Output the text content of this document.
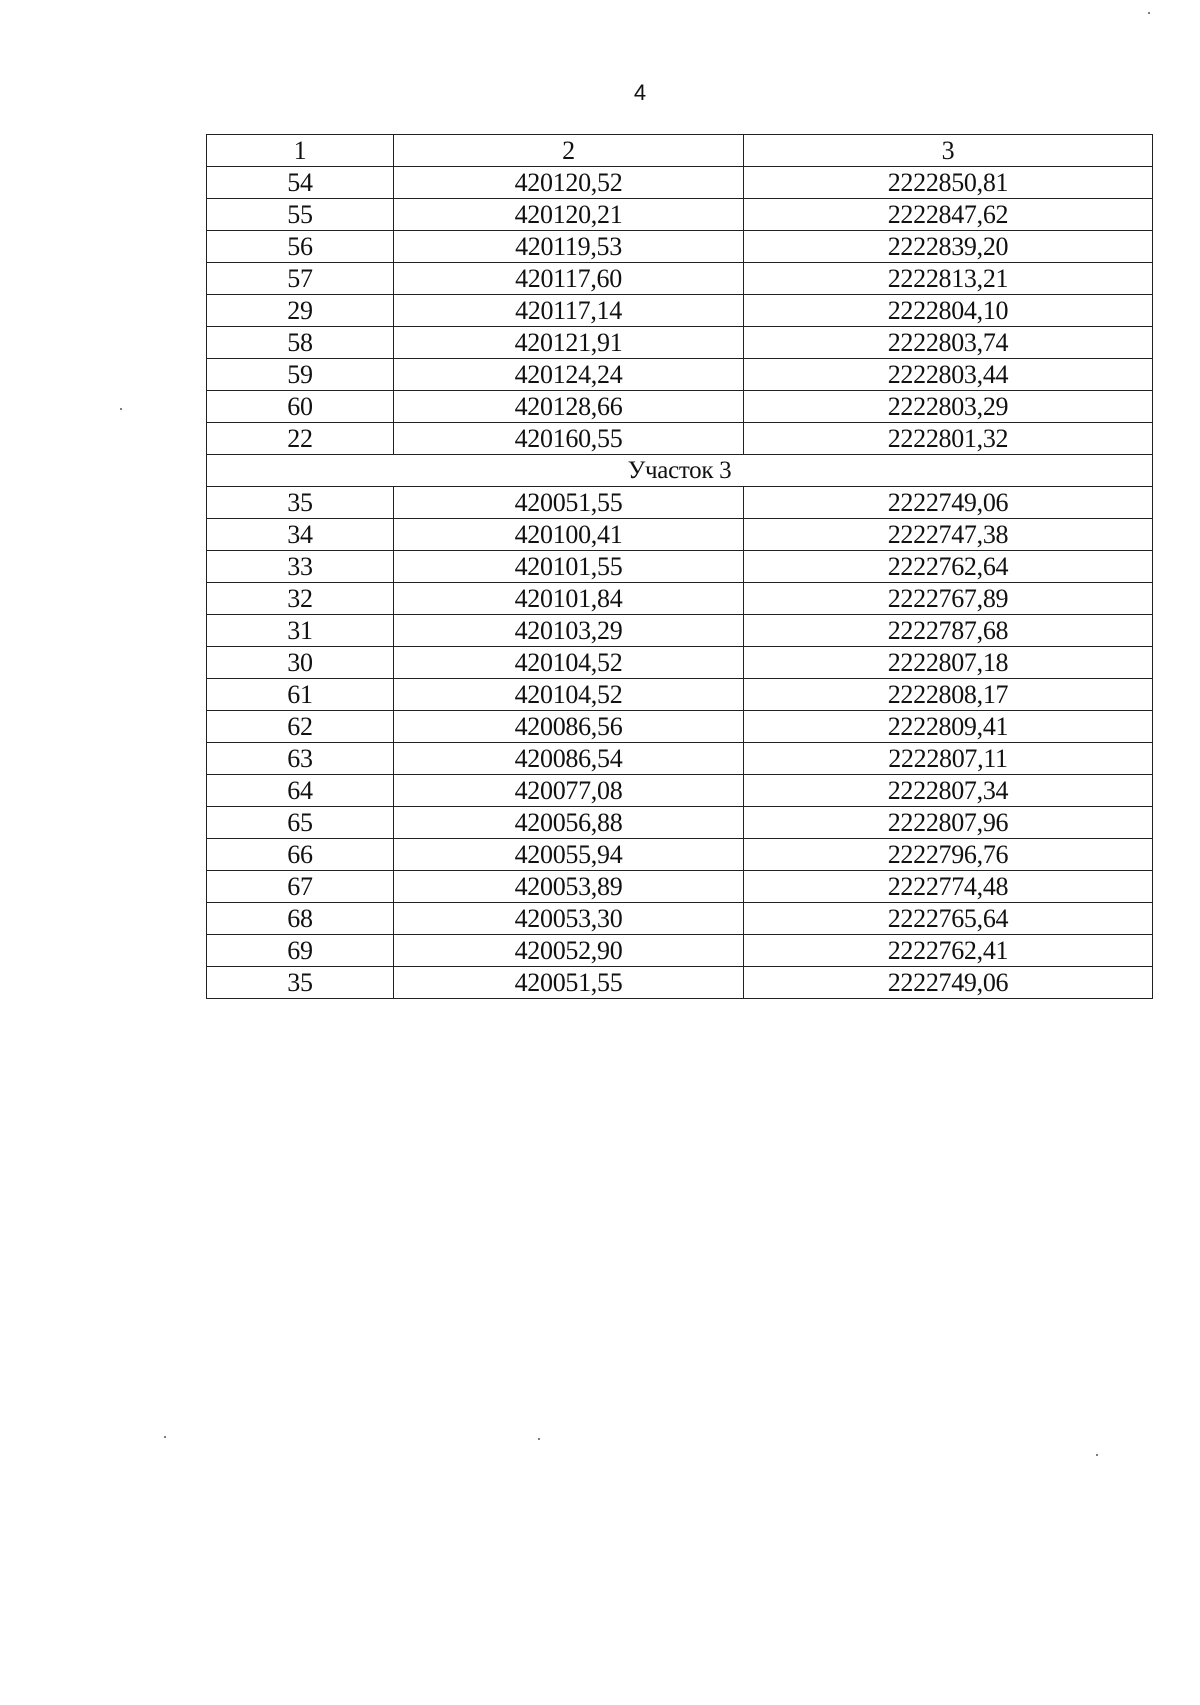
4
1	2	3
54	420120,52	2222850,81
55	420120,21	2222847,62
56	420119,53	2222839,20
57	420117,60	2222813,21
29	420117,14	2222804,10
58	420121,91	2222803,74
59	420124,24	2222803,44
60	420128,66	2222803,29
22	420160,55	2222801,32
Участок 3		
35	420051,55	2222749,06
34	420100,41	2222747,38
33	420101,55	2222762,64
32	420101,84	2222767,89
31	420103,29	2222787,68
30	420104,52	2222807,18
61	420104,52	2222808,17
62	420086,56	2222809,41
63	420086,54	2222807,11
64	420077,08	2222807,34
65	420056,88	2222807,96
66	420055,94	2222796,76
67	420053,89	2222774,48
68	420053,30	2222765,64
69	420052,90	2222762,41
35	420051,55	2222749,06
